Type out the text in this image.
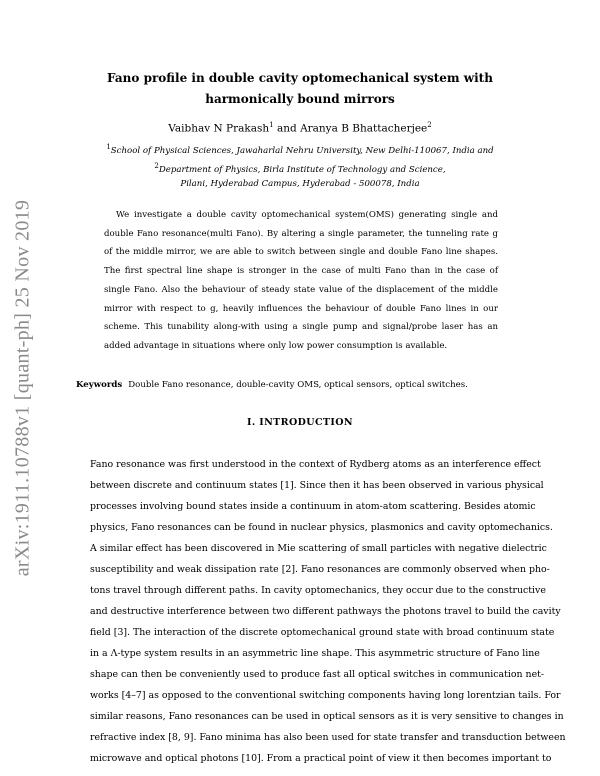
arXiv:1911.10788v1 [quant-ph] 25 Nov 2019
Fano profile in double cavity optomechanical system with harmonically bound mirrors
Vaibhav N Prakash$^1$ and Aranya B Bhattacherjee$^2$
$^1$School of Physical Sciences, Jawaharlal Nehru University, New Delhi-110067, India and
$^2$Department of Physics, Birla Institute of Technology and Science,
Pilani, Hyderabad Campus, Hyderabad - 500078, India
We investigate a double cavity optomechanical system(OMS) generating single and double Fano resonance(multi Fano). By altering a single parameter, the tunneling rate g of the middle mirror, we are able to switch between single and double Fano line shapes. The first spectral line shape is stronger in the case of multi Fano than in the case of single Fano. Also the behaviour of steady state value of the displacement of the middle mirror with respect to g, heavily influences the behaviour of double Fano lines in our scheme. This tunability along-with using a single pump and signal/probe laser has an added advantage in situations where only low power consumption is available.
Keywords Double Fano resonance, double-cavity OMS, optical sensors, optical switches.
I. INTRODUCTION
Fano resonance was first understood in the context of Rydberg atoms as an interference effect
between discrete and continuum states [1]. Since then it has been observed in various physical
processes involving bound states inside a continuum in atom-atom scattering. Besides atomic
physics, Fano resonances can be found in nuclear physics, plasmonics and cavity optomechanics.
A similar effect has been discovered in Mie scattering of small particles with negative dielectric
susceptibility and weak dissipation rate [2]. Fano resonances are commonly observed when pho-
tons travel through different paths. In cavity optomechanics, they occur due to the constructive
and destructive interference between two different pathways the photons travel to build the cavity
field [3]. The interaction of the discrete optomechanical ground state with broad continuum state
in a Λ-type system results in an asymmetric line shape. This asymmetric structure of Fano line
shape can then be conveniently used to produce fast all optical switches in communication net-
works [4–7] as opposed to the conventional switching components having long lorentzian tails. For
similar reasons, Fano resonances can be used in optical sensors as it is very sensitive to changes in
refractive index [8, 9]. Fano minima has also been used for state transfer and transduction between
microwave and optical photons [10]. From a practical point of view it then becomes important to
